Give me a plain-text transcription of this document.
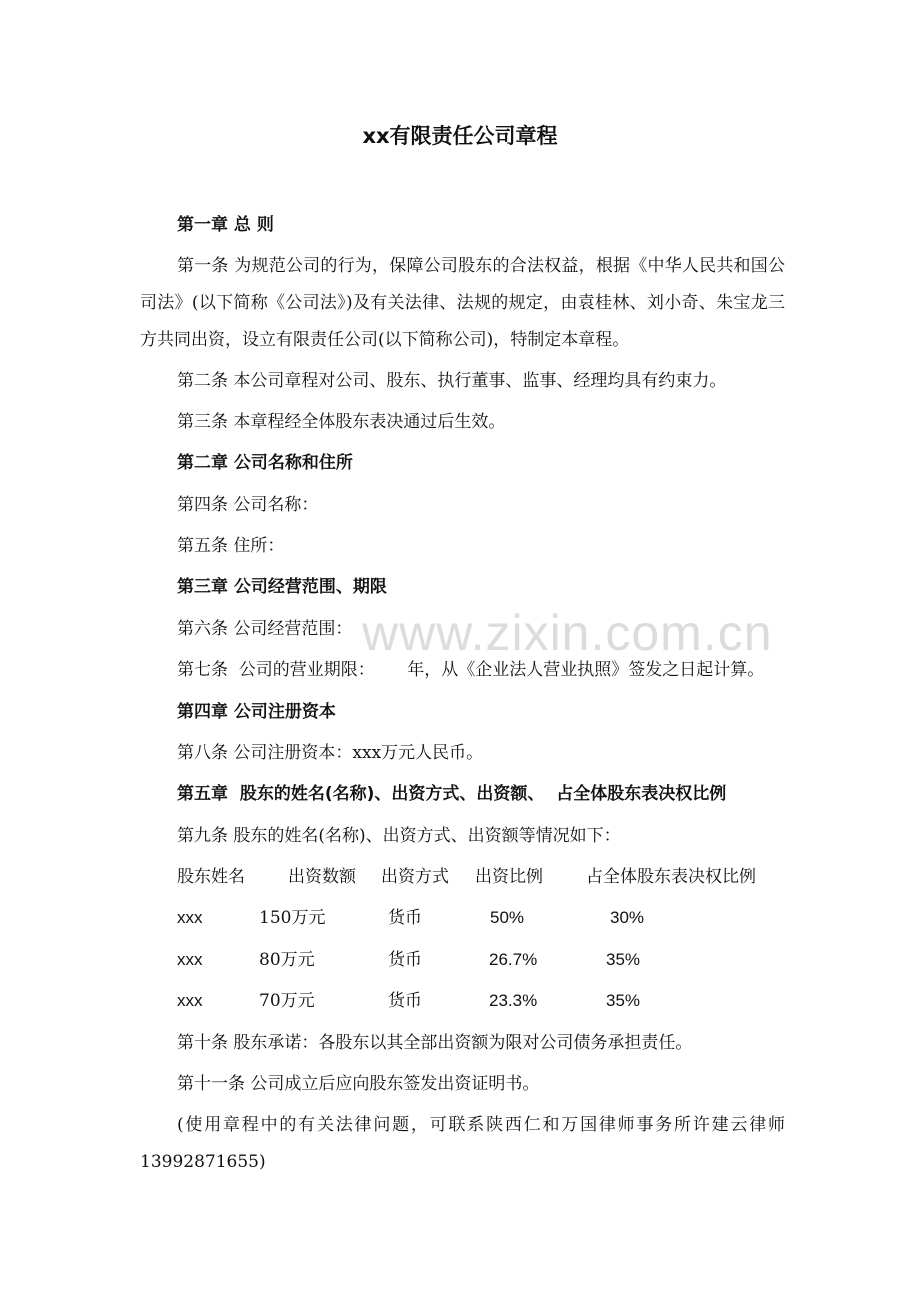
www.zixin.com.cn
xx有限责任公司章程
第一章 总 则
第一条 为规范公司的行为，保障公司股东的合法权益，根据《中华人民共和国公司法》(以下简称《公司法》)及有关法律、法规的规定，由袁桂林、刘小奇、朱宝龙三方共同出资，设立有限责任公司(以下简称公司)，特制定本章程。
第二条 本公司章程对公司、股东、执行董事、监事、经理均具有约束力。
第三条 本章程经全体股东表决通过后生效。
第二章 公司名称和住所
第四条 公司名称：
第五条 住所：
第三章 公司经营范围、期限
第六条 公司经营范围：
第七条  公司的营业期限：      年，从《企业法人营业执照》签发之日起计算。
第四章 公司注册资本
第八条 公司注册资本：xxx万元人民币。
第五章  股东的姓名(名称)、出资方式、出资额、  占全体股东表决权比例
第九条 股东的姓名(名称)、出资方式、出资额等情况如下：
股东姓名	出资数额 出资方式 出资比例	占全体股东表决权比例
xxx	150万元	货币	50%	30%
xxx	80万元	货币	26.7%	35%
xxx	70万元	货币	23.3%	35%
第十条 股东承诺：各股东以其全部出资额为限对公司债务承担责任。
第十一条 公司成立后应向股东签发出资证明书。
(使用章程中的有关法律问题，可联系陕西仁和万国律师事务所许建云律师13992871655)
